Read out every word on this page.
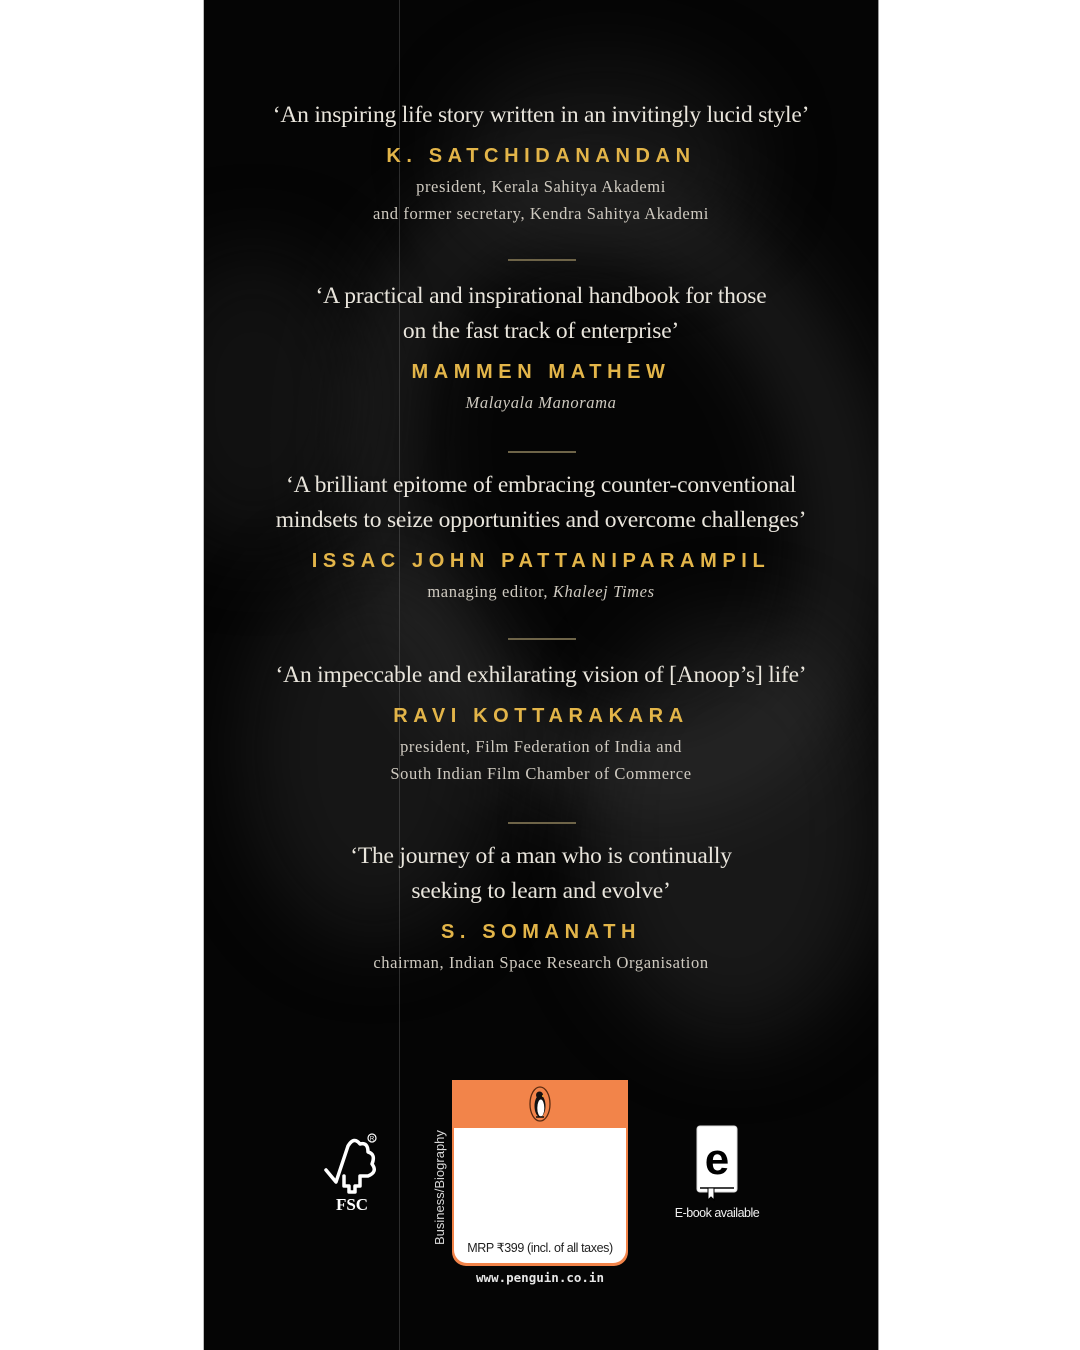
‘An inspiring life story written in an invitingly lucid style’
K. SATCHIDANANDAN
president, Kerala Sahitya Akademi
and former secretary, Kendra Sahitya Akademi
‘A practical and inspirational handbook for those
on the fast track of enterprise’
MAMMEN MATHEW
Malayala Manorama
‘A brilliant epitome of embracing counter-conventional
mindsets to seize opportunities and overcome challenges’
ISSAC JOHN PATTANIPARAMPIL
managing editor, Khaleej Times
‘An impeccable and exhilarating vision of [Anoop’s] life’
RAVI KOTTARAKARA
president, Film Federation of India and
South Indian Film Chamber of Commerce
‘The journey of a man who is continually
seeking to learn and evolve’
S. SOMANATH
chairman, Indian Space Research Organisation
R
FSC	Business/Biography
MRP ₹399 (incl. of all taxes)
www.penguin.co.in
e
E-book available
